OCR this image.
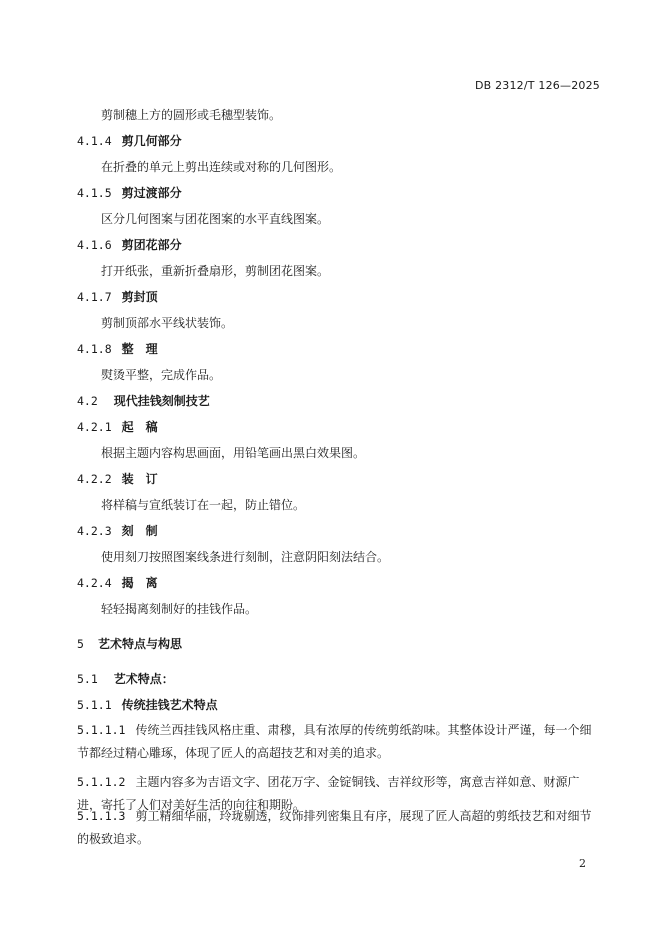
DB 2312/T 126—2025
剪制穗上方的圆形或毛穗型装饰。
4.1.4 剪几何部分
在折叠的单元上剪出连续或对称的几何图形。
4.1.5 剪过渡部分
区分几何图案与团花图案的水平直线图案。
4.1.6 剪团花部分
打开纸张，重新折叠扇形，剪制团花图案。
4.1.7 剪封顶
剪制顶部水平线状装饰。
4.1.8 整理
熨烫平整，完成作品。
4.2 现代挂钱刻制技艺
4.2.1 起稿
根据主题内容构思画面，用铅笔画出黑白效果图。
4.2.2 装订
将样稿与宣纸装订在一起，防止错位。
4.2.3 刻制
使用刻刀按照图案线条进行刻制，注意阴阳刻法结合。
4.2.4 揭离
轻轻揭离刻制好的挂钱作品。
5 艺术特点与构思
5.1 艺术特点：
5.1.1 传统挂钱艺术特点
5.1.1.1 传统兰西挂钱风格庄重、肃穆，具有浓厚的传统剪纸韵味。其整体设计严谨，每一个细节都经过精心雕琢，体现了匠人的高超技艺和对美的追求。
5.1.1.2 主题内容多为吉语文字、团花万字、金锭铜钱、吉祥纹形等，寓意吉祥如意、财源广进，寄托了人们对美好生活的向往和期盼。
5.1.1.3 剪工精细华丽，玲珑剔透，纹饰排列密集且有序，展现了匠人高超的剪纸技艺和对细节的极致追求。
2
